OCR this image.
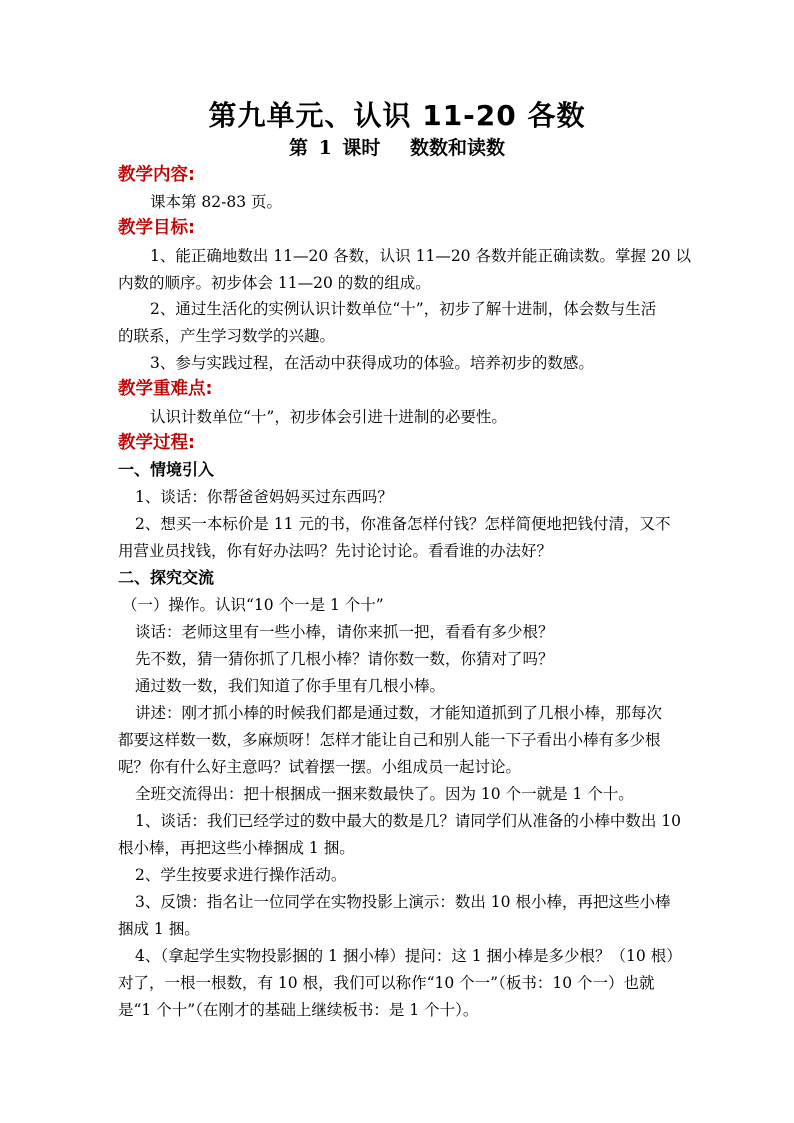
第九单元、认识 11-20 各数
第 1 课时　 数数和读数
教学内容:
课本第 82-83 页。
教学目标:
1、能正确地数出 11—20 各数，认识 11—20 各数并能正确读数。掌握 20 以
内数的顺序。初步体会 11—20 的数的组成。
2、通过生活化的实例认识计数单位“十”，初步了解十进制，体会数与生活
的联系，产生学习数学的兴趣。
3、参与实践过程，在活动中获得成功的体验。培养初步的数感。
教学重难点:
认识计数单位“十”，初步体会引进十进制的必要性。
教学过程:
一、情境引入
1、谈话：你帮爸爸妈妈买过东西吗？
2、想买一本标价是 11 元的书，你准备怎样付钱？怎样简便地把钱付清，又不
用营业员找钱，你有好办法吗？先讨论讨论。看看谁的办法好？
二、探究交流
（一）操作。认识“10 个一是 1 个十”
谈话：老师这里有一些小棒，请你来抓一把，看看有多少根？
先不数，猜一猜你抓了几根小棒？请你数一数，你猜对了吗？
通过数一数，我们知道了你手里有几根小棒。
讲述：刚才抓小棒的时候我们都是通过数，才能知道抓到了几根小棒，那每次
都要这样数一数，多麻烦呀！怎样才能让自己和别人能一下子看出小棒有多少根
呢？你有什么好主意吗？试着摆一摆。小组成员一起讨论。
全班交流得出：把十根捆成一捆来数最快了。因为 10 个一就是 1 个十。
1、谈话：我们已经学过的数中最大的数是几？请同学们从准备的小棒中数出 10
根小棒，再把这些小棒捆成 1 捆。
2、学生按要求进行操作活动。
3、反馈：指名让一位同学在实物投影上演示：数出 10 根小棒，再把这些小棒
捆成 1 捆。
4、（拿起学生实物投影捆的 1 捆小棒）提问：这 1 捆小棒是多少根？（10 根）
对了，一根一根数，有 10 根，我们可以称作“10 个一”（板书：10 个一）也就
是“1 个十”（在刚才的基础上继续板书：是 1 个十）。
